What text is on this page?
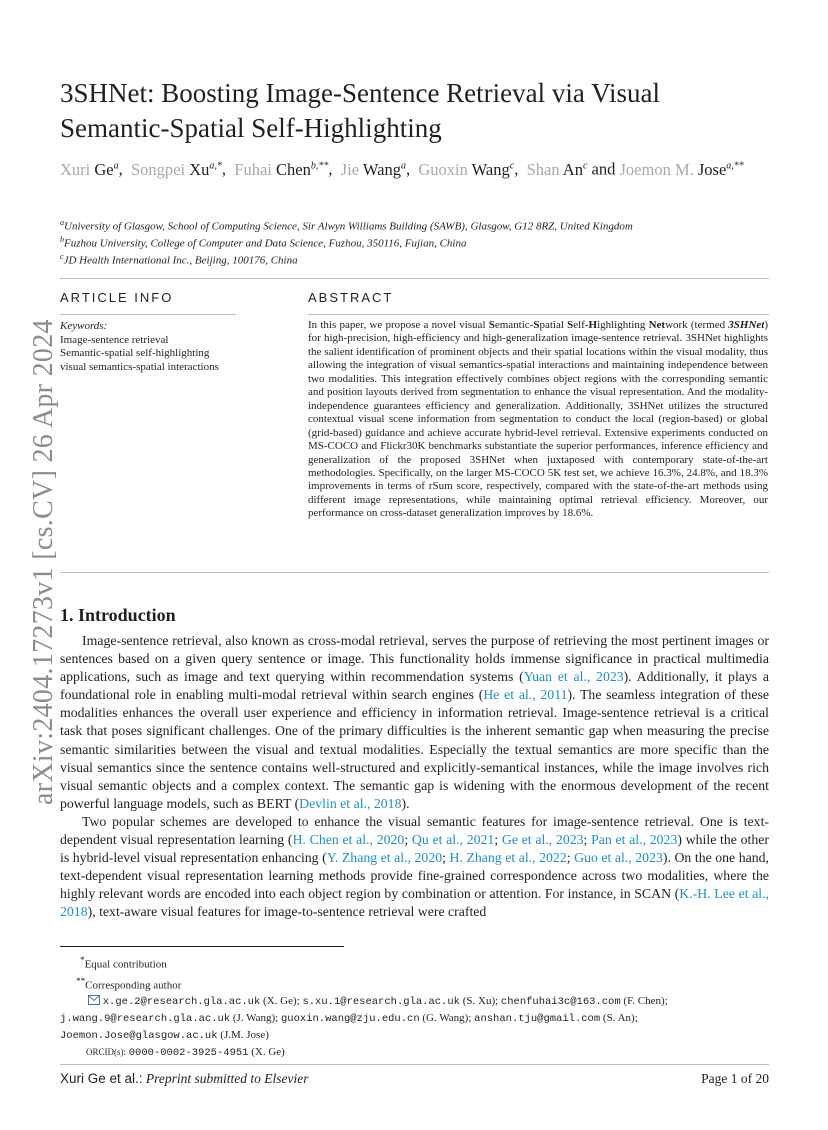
arXiv:2404.17273v1 [cs.CV] 26 Apr 2024
3SHNet: Boosting Image-Sentence Retrieval via Visual
Semantic-Spatial Self-Highlighting
Xuri Ge$^a$,  Songpei $Xu^{a,*}$,  Fuhai Chen$^{b,**}$,  Jie Wang$^a$,  Guoxin Wang$^c$,  Shan An$^c$ and Joemon M. Jose$^{a,**}$
$^a$University of Glasgow, School of Computing Science, Sir Alwyn Williams Building (SAWB), Glasgow, G12 8RZ, United Kingdom
$^b$Fuzhou University, College of Computer and Data Science, Fuzhou, 350116, Fujian, China
$^c$JD Health International Inc., Beijing, 100176, China
ARTICLE INFO
Keywords:
Image-sentence retrieval
Semantic-spatial self-highlighting
visual semantics-spatial interactions
ABSTRACT
In this paper, we propose a novel visual Semantic-Spatial Self-Highlighting Network (termed 3SHNet) for high-precision, high-efficiency and high-generalization image-sentence retrieval. 3SHNet highlights the salient identification of prominent objects and their spatial locations within the visual modality, thus allowing the integration of visual semantics-spatial interactions and maintaining independence between two modalities. This integration effectively combines object regions with the corresponding semantic and position layouts derived from segmentation to enhance the visual representation. And the modality-independence guarantees efficiency and generalization. Additionally, 3SHNet utilizes the structured contextual visual scene information from segmentation to conduct the local (region-based) or global (grid-based) guidance and achieve accurate hybrid-level retrieval. Extensive experiments conducted on MS-COCO and Flickr30K benchmarks substantiate the superior performances, inference efficiency and generalization of the proposed 3SHNet when juxtaposed with contemporary state-of-the-art methodologies. Specifically, on the larger MS-COCO 5K test set, we achieve 16.3%, 24.8%, and 18.3% improvements in terms of rSum score, respectively, compared with the state-of-the-art methods using different image representations, while maintaining optimal retrieval efficiency. Moreover, our performance on cross-dataset generalization improves by 18.6%.
1. Introduction

Image-sentence retrieval, also known as cross-modal retrieval, serves the purpose of retrieving the most pertinent images or sentences based on a given query sentence or image. This functionality holds immense significance in practical multimedia applications, such as image and text querying within recommendation systems (Yuan et al., 2023). Additionally, it plays a foundational role in enabling multi-modal retrieval within search engines (He et al., 2011). The seamless integration of these modalities enhances the overall user experience and efficiency in information retrieval. Image-sentence retrieval is a critical task that poses significant challenges. One of the primary difficulties is the inherent semantic gap when measuring the precise semantic similarities between the visual and textual modalities. Especially the textual semantics are more specific than the visual semantics since the sentence contains well-structured and explicitly-semantical instances, while the image involves rich visual semantic objects and a complex context. The semantic gap is widening with the enormous development of the recent powerful language models, such as BERT (Devlin et al., 2018).

Two popular schemes are developed to enhance the visual semantic features for image-sentence retrieval. One is text-dependent visual representation learning (H. Chen et al., 2020; Qu et al., 2021; Ge et al., 2023; Pan et al., 2023) while the other is hybrid-level visual representation enhancing (Y. Zhang et al., 2020; H. Zhang et al., 2022; Guo et al., 2023). On the one hand, text-dependent visual representation learning methods provide fine-grained correspondence across two modalities, where the highly relevant words are encoded into each object region by combination or attention. For instance, in SCAN (K.-H. Lee et al., 2018), text-aware visual features for image-to-sentence retrieval were crafted

*Equal contribution
**Corresponding author
x.ge.2@research.gla.ac.uk (X. Ge); s.xu.1@research.gla.ac.uk (S. Xu); chenfuhai3c@163.com (F. Chen);
j.wang.9@research.gla.ac.uk (J. Wang); guoxin.wang@zju.edu.cn (G. Wang); anshan.tju@gmail.com (S. An);
Joemon.Jose@glasgow.ac.uk (J.M. Jose)
ORCID(s): 0000-0002-3925-4951 (X. Ge)
Xuri Ge et al.: Preprint submitted to Elsevier	Page 1 of 20
